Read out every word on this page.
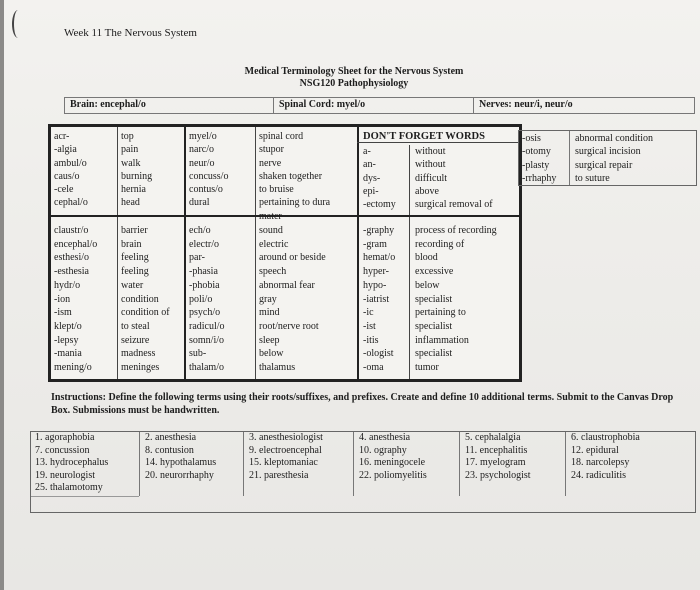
Week 11 The Nervous System
Medical Terminology Sheet for the Nervous System
NSG120 Pathophysiology
Brain: encephal/o	Spinal Cord: myel/o	Nerves: neur/i, neur/o
acr-
-algia
ambul/o
caus/o
-cele
cephal/o
top
pain
walk
burning
hernia
head
myel/o
narc/o
neur/o
concuss/o
contus/o
dural
spinal cord
stupor
nerve
shaken together
to bruise
pertaining to dura
mater
DON'T FORGET WORDS
a-
an-
dys-
epi-
-ectomy
without
without
difficult
above
surgical removal of
claustr/o
encephal/o
esthesi/o
-esthesia
hydr/o
-ion
-ism
klept/o
-lepsy
-mania
mening/o
barrier
brain
feeling
feeling
water
condition
condition of
to steal
seizure
madness
meninges
ech/o
electr/o
par-
-phasia
-phobia
poli/o
psych/o
radicul/o
somn/i/o
sub-
thalam/o
sound
electric
around or beside
speech
abnormal fear
gray
mind
root/nerve root
sleep
below
thalamus
-graphy
-gram
hemat/o
hyper-
hypo-
-iatrist
-ic
-ist
-itis
-ologist
-oma
process of recording
recording of
blood
excessive
below
specialist
pertaining to
specialist
inflammation
specialist
tumor
-osis
-otomy
-plasty
-rrhaphy
abnormal condition
surgical incision
surgical repair
to suture
Instructions: Define the following terms using their roots/suffixes, and prefixes. Create and define 10 additional terms. Submit to the Canvas Drop Box. Submissions must be handwritten.
1. agoraphobia
7. concussion
13. hydrocephalus
19. neurologist
25. thalamotomy
2. anesthesia
8. contusion
14. hypothalamus
20. neurorrhaphy
3. anesthesiologist
9. electroencephal
15. kleptomaniac
21. paresthesia
4. anesthesia
10. ography
16. meningocele
22. poliomyelitis
5. cephalalgia
11. encephalitis
17. myelogram
23. psychologist
6. claustrophobia
12. epidural
18. narcolepsy
24. radiculitis
